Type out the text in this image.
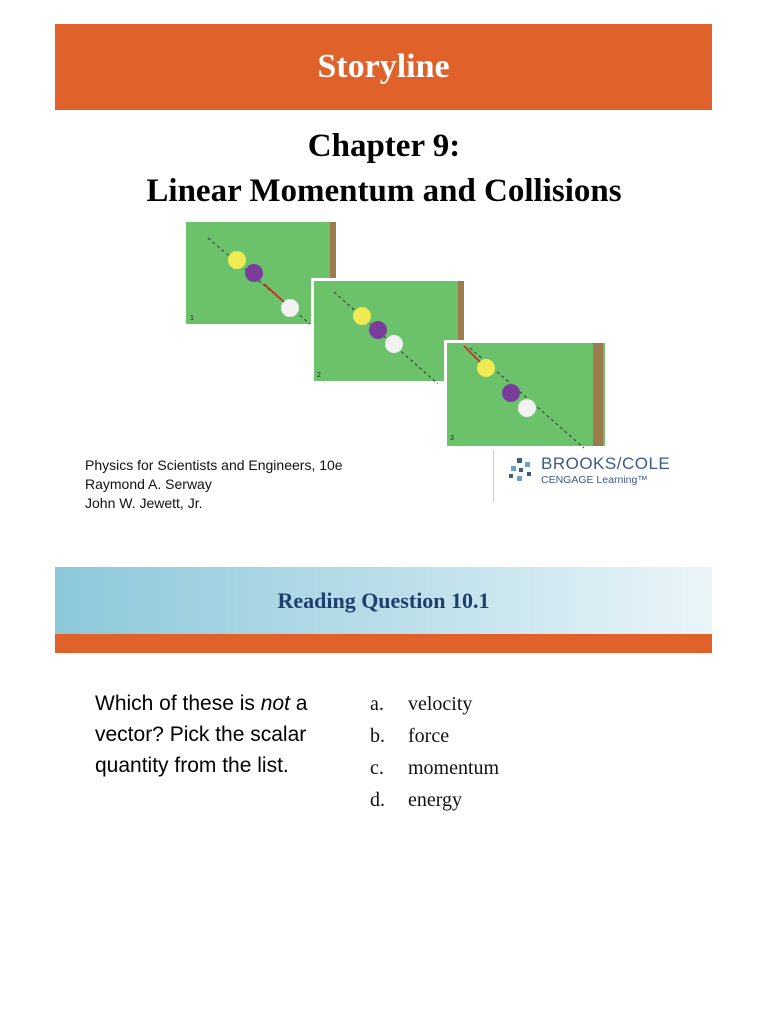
Storyline
Chapter 9:
Linear Momentum and Collisions
1
2
3
Physics for Scientists and Engineers, 10e
Raymond A. Serway
John W. Jewett, Jr.
BROOKS/COLE
CENGAGE Learning™
Reading Question 10.1
Which of these is not a vector? Pick the scalar quantity from the list.
a.	velocity
b.	force
c.	momentum
d.	energy
